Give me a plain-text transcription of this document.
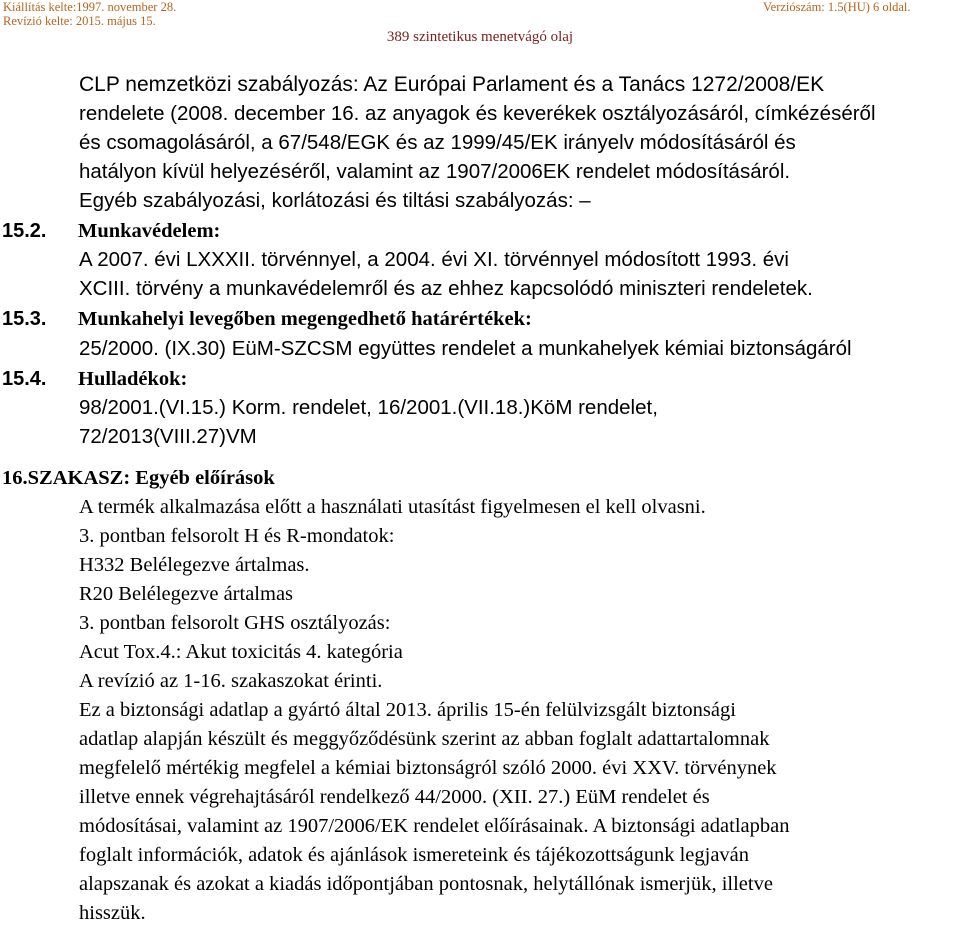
Kiállítás kelte:1997. november 28.	Verziószám: 1.5(HU) 6 oldal.
Revízió kelte: 2015. május 15.
389 szintetikus menetvágó olaj
CLP nemzetközi szabályozás: Az Európai Parlament és a Tanács 1272/2008/EK
rendelete (2008. december 16. az anyagok és keverékek osztályozásáról, címkézéséről
és csomagolásáról, a 67/548/EGK és az 1999/45/EK irányelv módosításáról és
hatályon kívül helyezéséről, valamint az 1907/2006EK rendelet módosításáról.
Egyéb szabályozási, korlátozási és tiltási szabályozás: –
15.2. Munkavédelem:
A 2007. évi LXXXII. törvénnyel, a 2004. évi XI. törvénnyel módosított 1993. évi
XCIII. törvény a munkavédelemről és az ehhez kapcsolódó miniszteri rendeletek.
15.3. Munkahelyi levegőben megengedhető határértékek:
25/2000. (IX.30) EüM-SZCSM együttes rendelet a munkahelyek kémiai biztonságáról
15.4. Hulladékok:
98/2001.(VI.15.) Korm. rendelet, 16/2001.(VII.18.)KöM rendelet,
72/2013(VIII.27)VM
16.SZAKASZ: Egyéb előírások
A termék alkalmazása előtt a használati utasítást figyelmesen el kell olvasni.
3. pontban felsorolt H és R-mondatok:
H332 Belélegezve ártalmas.
R20 Belélegezve ártalmas
3. pontban felsorolt GHS osztályozás:
Acut Tox.4.: Akut toxicitás 4. kategória
A revízió az 1-16. szakaszokat érinti.
Ez a biztonsági adatlap a gyártó által 2013. április 15-én felülvizsgált biztonsági
adatlap alapján készült és meggyőződésünk szerint az abban foglalt adattartalomnak
megfelelő mértékig megfelel a kémiai biztonságról szóló 2000. évi XXV. törvénynek
illetve ennek végrehajtásáról rendelkező 44/2000. (XII. 27.) EüM rendelet és
módosításai, valamint az 1907/2006/EK rendelet előírásainak. A biztonsági adatlapban
foglalt információk, adatok és ajánlások ismereteink és tájékozottságunk legjaván
alapszanak és azokat a kiadás időpontjában pontosnak, helytállónak ismerjük, illetve
hisszük.
